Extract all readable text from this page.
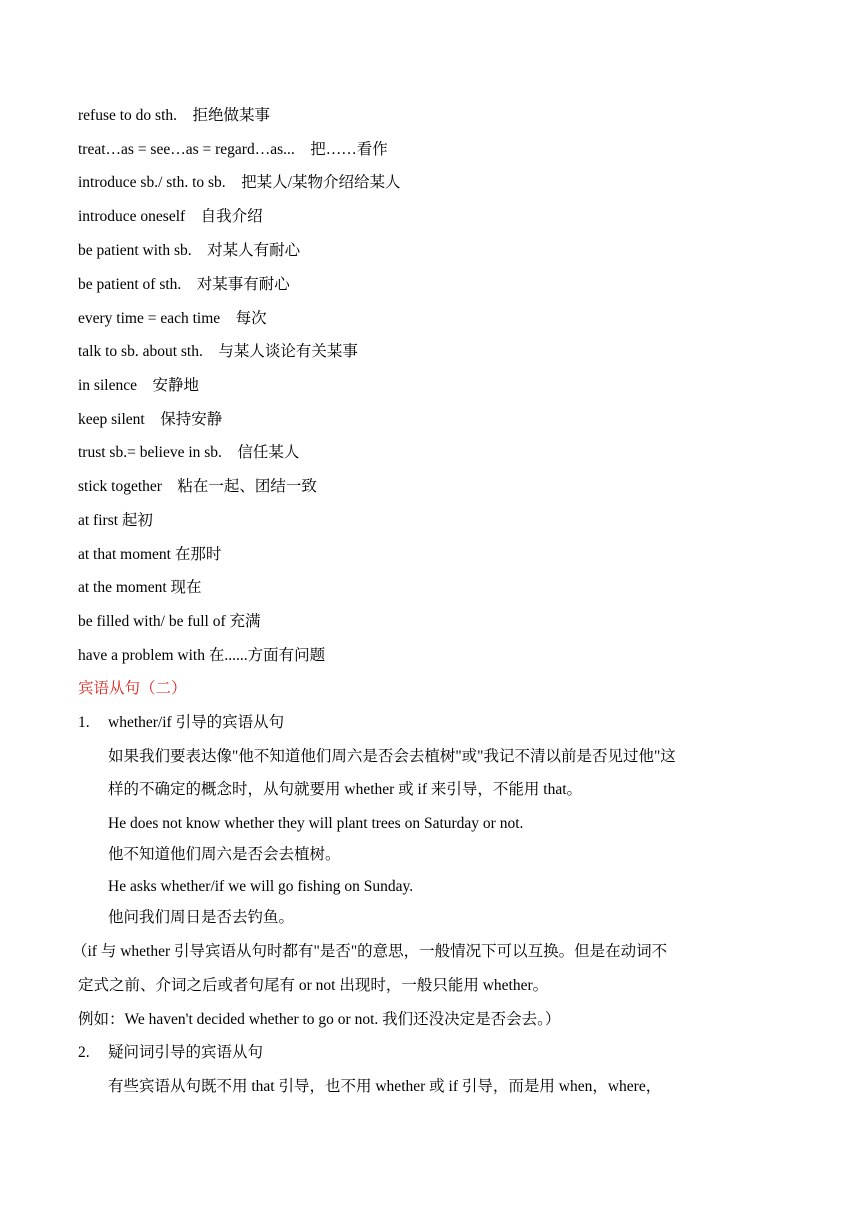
refuse to do sth.　拒绝做某事
treat…as = see…as = regard…as...　把……看作
introduce sb./ sth. to sb.　把某人/某物介绍给某人
introduce oneself　自我介绍
be patient with sb.　对某人有耐心
be patient of sth.　对某事有耐心
every time = each time　每次
talk to sb. about sth.　与某人谈论有关某事
in silence　安静地
keep silent　保持安静
trust sb.= believe in sb.　信任某人
stick together　粘在一起、团结一致
at first 起初
at that moment 在那时
at the moment 现在
be filled with/ be full of 充满
have a problem with 在......方面有问题
宾语从句（二）
1. whether/if 引导的宾语从句
如果我们要表达像"他不知道他们周六是否会去植树"或"我记不清以前是否见过他"这
样的不确定的概念时，从句就要用 whether 或 if 来引导，不能用 that。
He does not know whether they will plant trees on Saturday or not.
他不知道他们周六是否会去植树。
He asks whether/if we will go fishing on Sunday.
他问我们周日是否去钓鱼。
（if 与 whether 引导宾语从句时都有"是否"的意思，一般情况下可以互换。但是在动词不
定式之前、介词之后或者句尾有 or not 出现时，一般只能用 whether。
例如：We haven't decided whether to go or not. 我们还没决定是否会去。）
2. 疑问词引导的宾语从句
有些宾语从句既不用 that 引导，也不用 whether 或 if 引导，而是用 when，where，
